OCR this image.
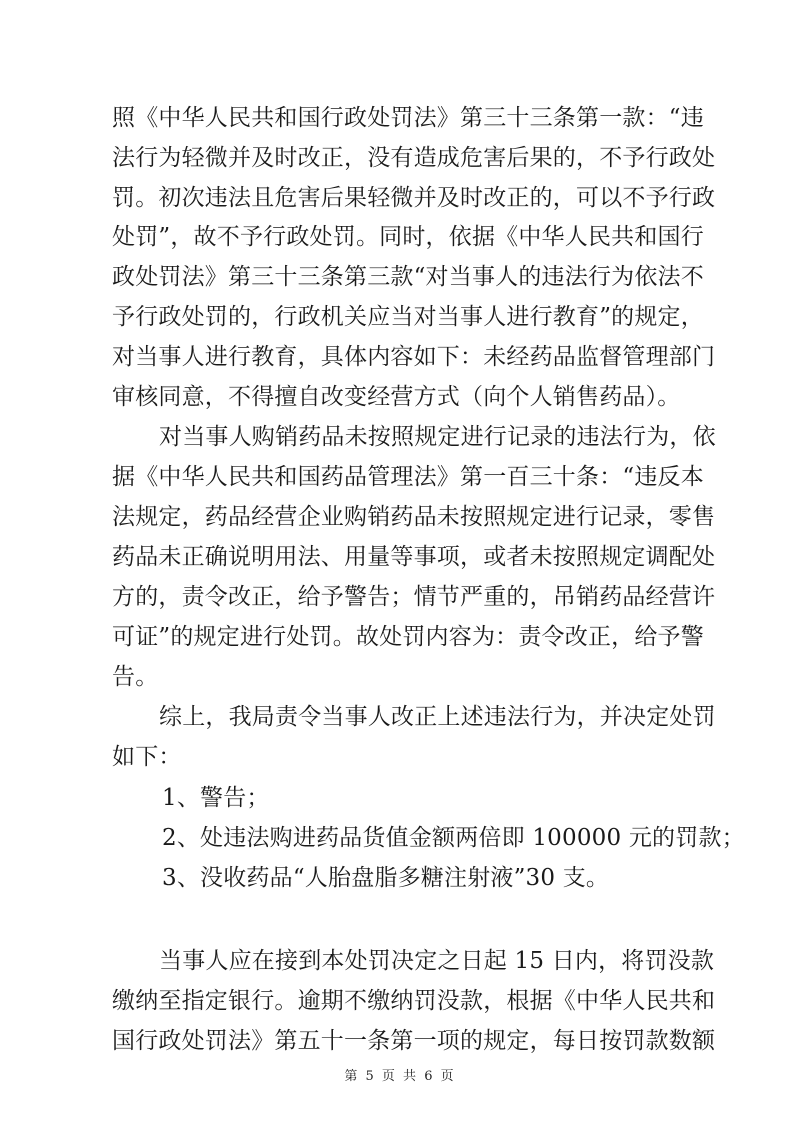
照《中华人民共和国行政处罚法》第三十三条第一款：“违
法行为轻微并及时改正，没有造成危害后果的，不予行政处
罚。初次违法且危害后果轻微并及时改正的，可以不予行政
处罚”，故不予行政处罚。同时，依据《中华人民共和国行
政处罚法》第三十三条第三款“对当事人的违法行为依法不
予行政处罚的，行政机关应当对当事人进行教育”的规定，
对当事人进行教育，具体内容如下：未经药品监督管理部门
审核同意，不得擅自改变经营方式（向个人销售药品）。
对当事人购销药品未按照规定进行记录的违法行为，依
据《中华人民共和国药品管理法》第一百三十条：“违反本
法规定，药品经营企业购销药品未按照规定进行记录，零售
药品未正确说明用法、用量等事项，或者未按照规定调配处
方的，责令改正，给予警告；情节严重的，吊销药品经营许
可证”的规定进行处罚。故处罚内容为：责令改正，给予警
告。
综上，我局责令当事人改正上述违法行为，并决定处罚
如下：
1、警告；
2、处违法购进药品货值金额两倍即 100000 元的罚款；
3、没收药品“人胎盘脂多糖注射液”30 支。
当事人应在接到本处罚决定之日起 15 日内，将罚没款
缴纳至指定银行。逾期不缴纳罚没款，根据《中华人民共和
国行政处罚法》第五十一条第一项的规定，每日按罚款数额
第 5 页 共 6 页
